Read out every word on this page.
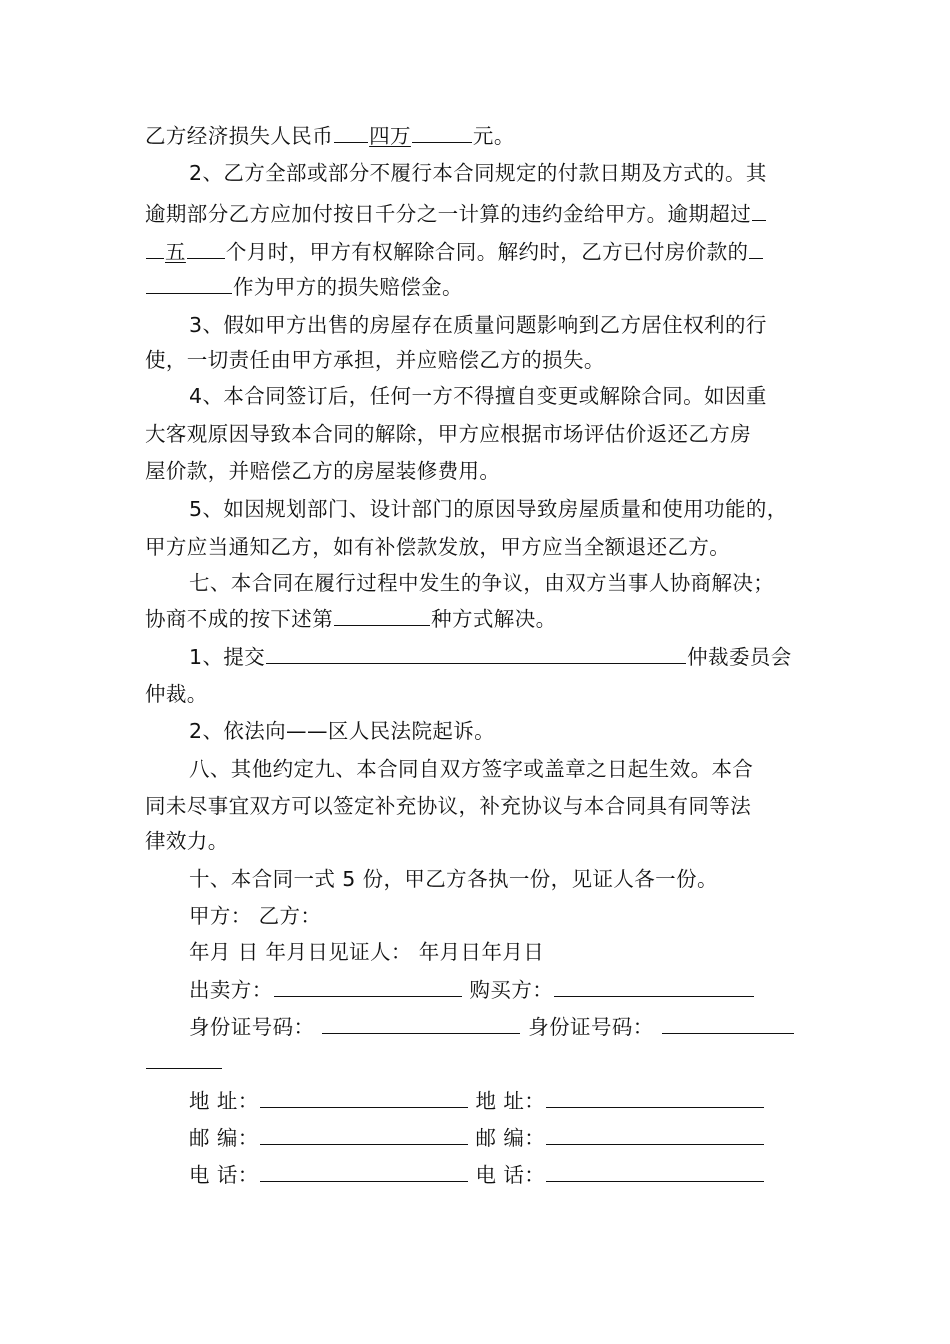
乙方经济损失人民币 四万	元。
2、乙方全部或部分不履行本合同规定的付款日期及方式的。其
逾期部分乙方应加付按日千分之一计算的违约金给甲方。逾期超过
五 个月时，甲方有权解除合同。解约时，乙方已付房价款的
作为甲方的损失赔偿金。
3、假如甲方出售的房屋存在质量问题影响到乙方居住权利的行
使，一切责任由甲方承担，并应赔偿乙方的损失。
4、本合同签订后，任何一方不得擅自变更或解除合同。如因重
大客观原因导致本合同的解除，甲方应根据市场评估价返还乙方房
屋价款，并赔偿乙方的房屋装修费用。
5、如因规划部门、设计部门的原因导致房屋质量和使用功能的，
甲方应当通知乙方，如有补偿款发放，甲方应当全额退还乙方。
七、本合同在履行过程中发生的争议，由双方当事人协商解决；
协商不成的按下述第	种方式解决。
1、提交	仲裁委员会
仲裁。
2、依法向——区人民法院起诉。
八、其他约定九、本合同自双方签字或盖章之日起生效。本合
同未尽事宜双方可以签定补充协议，补充协议与本合同具有同等法
律效力。
十、本合同一式 5 份，甲乙方各执一份，见证人各一份。
甲方： 乙方：
年月 日 年月日见证人： 年月日年月日
出卖方：	购买方：
身份证号码：	身份证号码：
地 址：	地 址：
邮 编：	邮 编：
电 话：	电 话：
